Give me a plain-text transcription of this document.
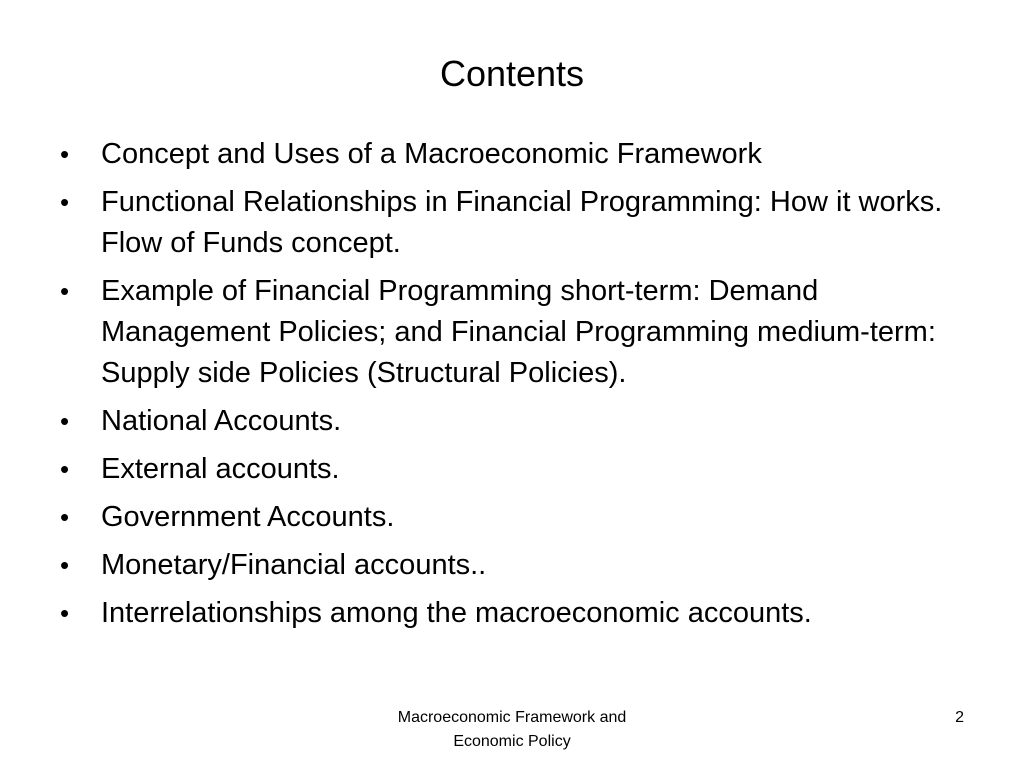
Contents
• Concept and Uses of a Macroeconomic Framework
• Functional Relationships in Financial Programming: How it works. Flow of Funds concept.
• Example of Financial Programming short-term: Demand Management Policies; and Financial Programming medium-term: Supply side Policies (Structural Policies).
• National Accounts.
• External accounts.
• Government Accounts.
• Monetary/Financial accounts..
• Interrelationships among the macroeconomic accounts.
Macroeconomic Framework and
Economic Policy
2
